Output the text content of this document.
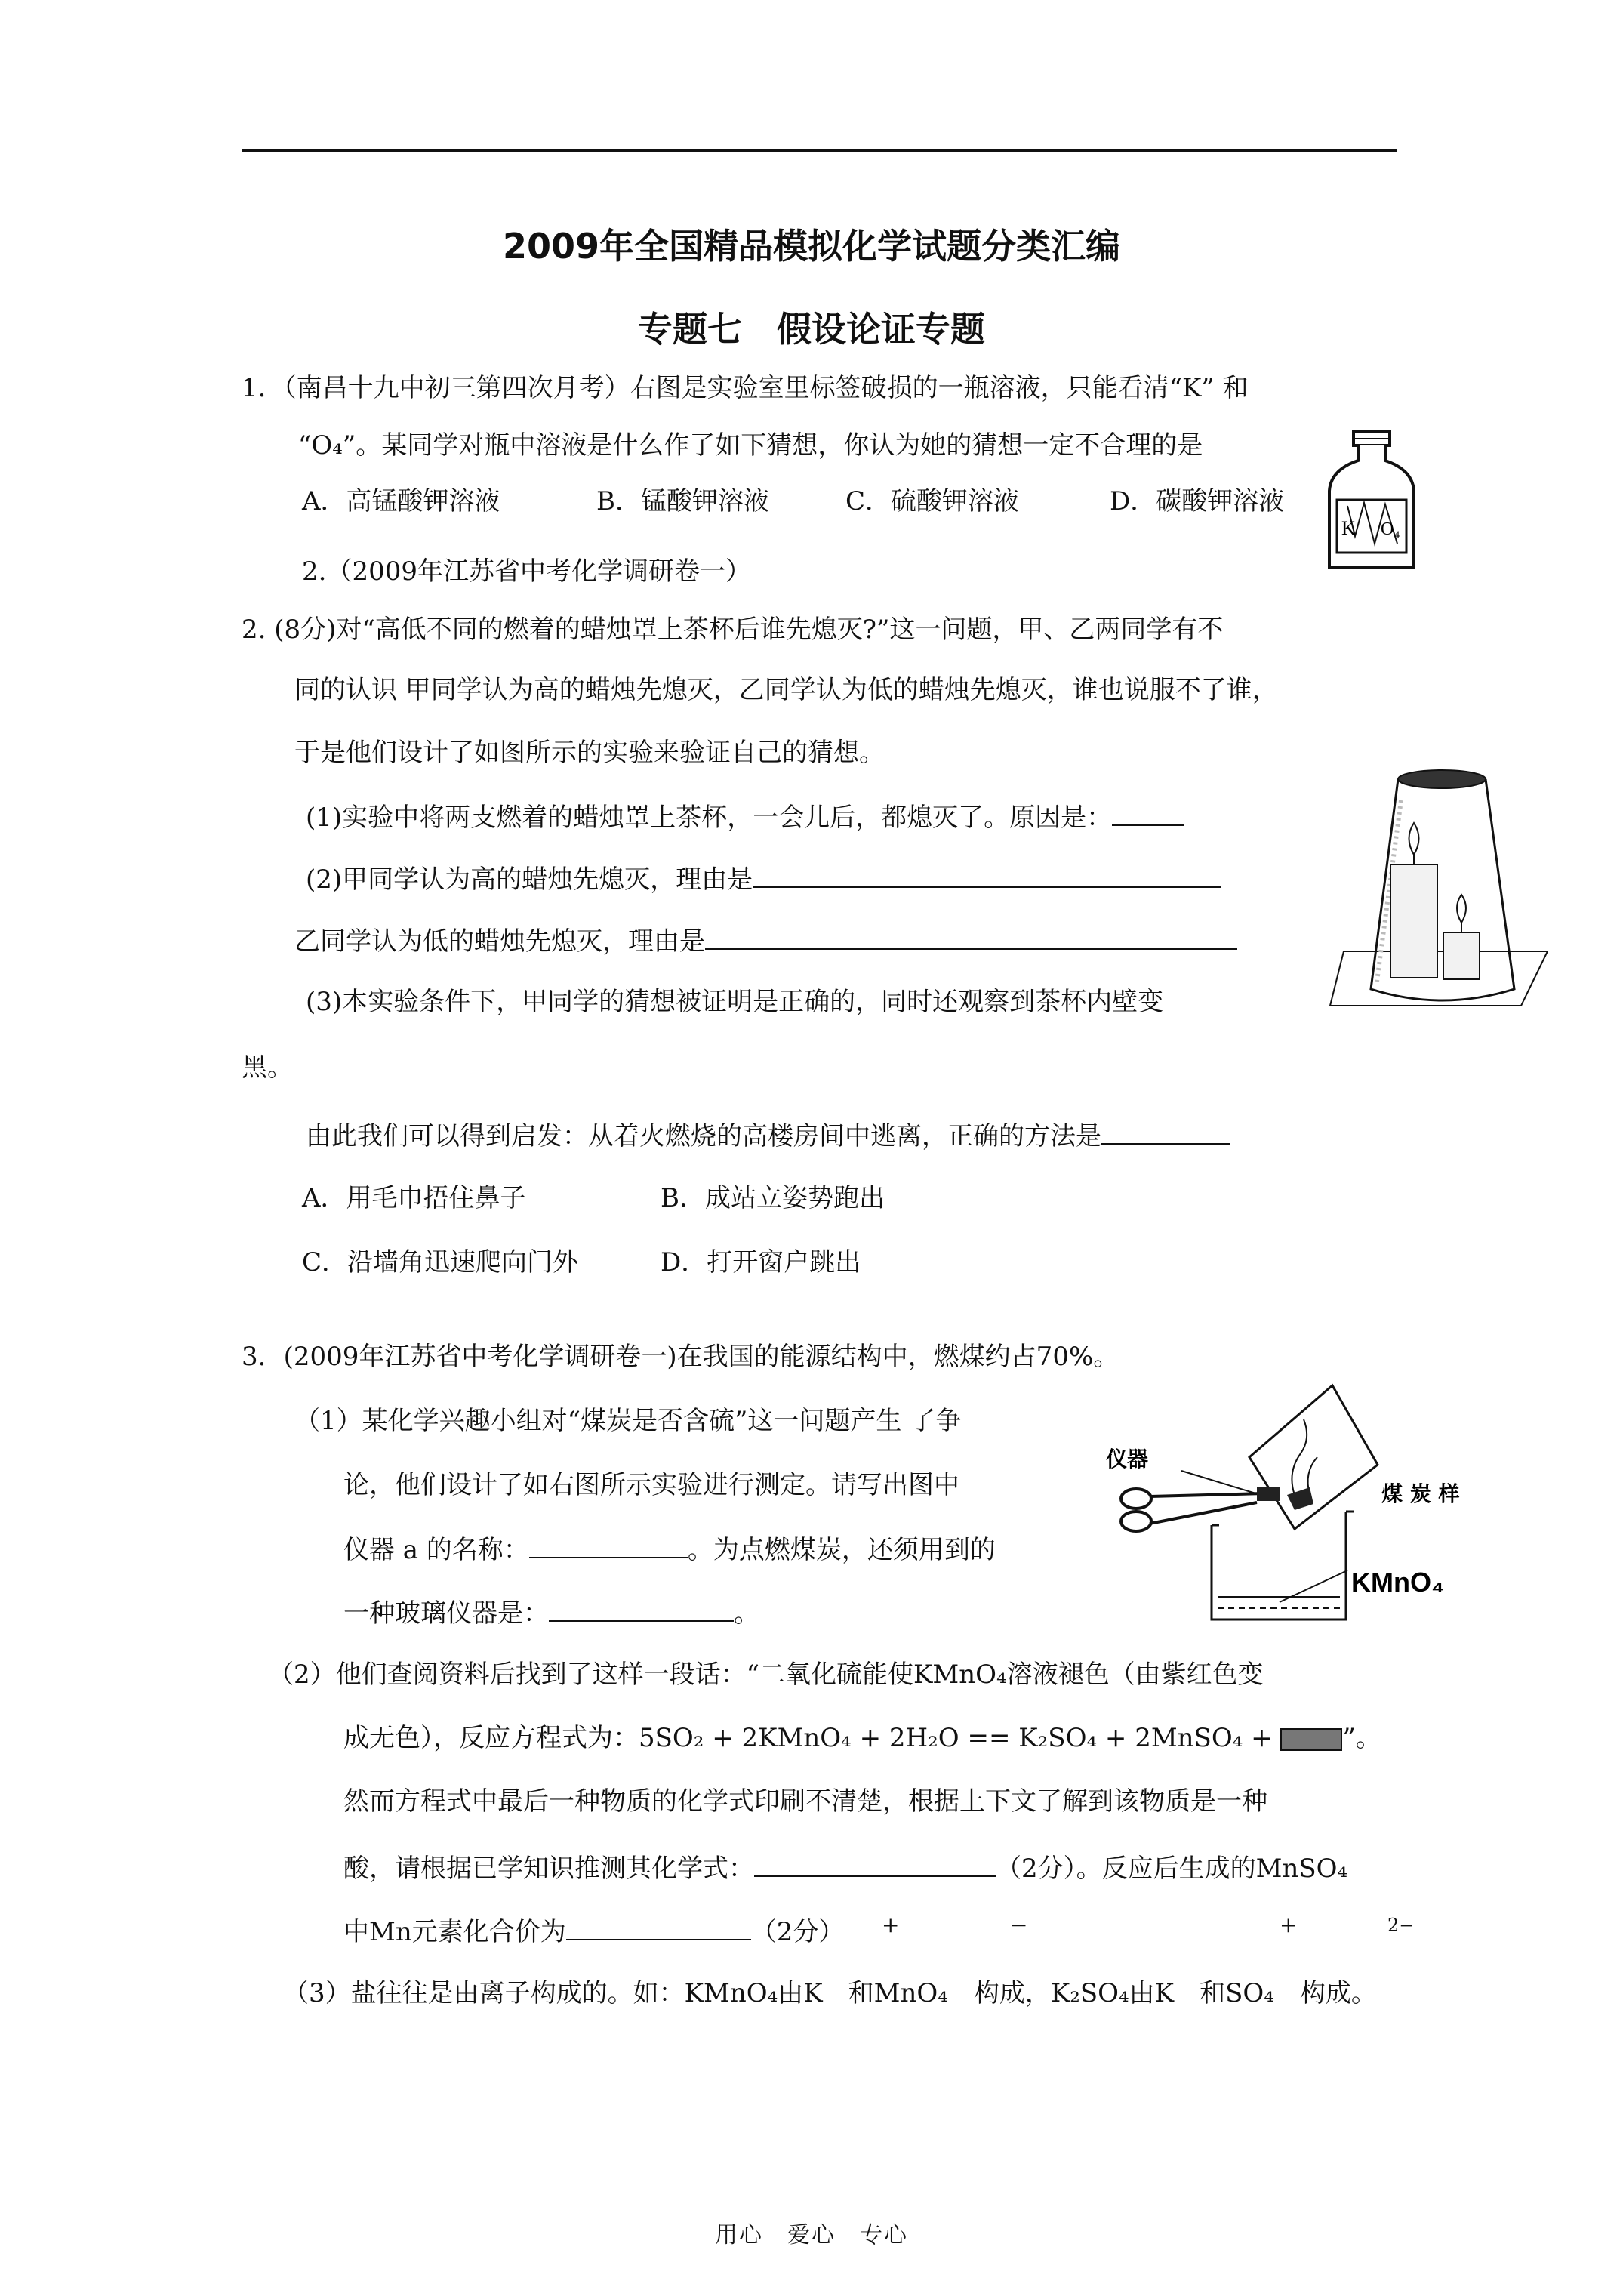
2009年全国精品模拟化学试题分类汇编
专题七　假设论证专题
1．（南昌十九中初三第四次月考）右图是实验室里标签破损的一瓶溶液，只能看清“K” 和
“O₄”。某同学对瓶中溶液是什么作了如下猜想，你认为她的猜想一定不合理的是
A．高锰酸钾溶液	B．锰酸钾溶液	C．硫酸钾溶液	D．碳酸钾溶液
2.（2009年江苏省中考化学调研卷一）
K O₄
2. (8分)对“高低不同的燃着的蜡烛罩上茶杯后谁先熄灭?”这一问题，甲、乙两同学有不
同的认识 甲同学认为高的蜡烛先熄灭，乙同学认为低的蜡烛先熄灭，谁也说服不了谁，
于是他们设计了如图所示的实验来验证自己的猜想。
(1)实验中将两支燃着的蜡烛罩上茶杯，一会儿后，都熄灭了。原因是：
(2)甲同学认为高的蜡烛先熄灭，理由是
乙同学认为低的蜡烛先熄灭，理由是
(3)本实验条件下，甲同学的猜想被证明是正确的，同时还观察到茶杯内壁变
黑。
由此我们可以得到启发：从着火燃烧的高楼房间中逃离，正确的方法是
A．用毛巾捂住鼻子	B．成站立姿势跑出
C．沿墙角迅速爬向门外	D．打开窗户跳出
3．(2009年江苏省中考化学调研卷一)在我国的能源结构中，燃煤约占70%。
（1）某化学兴趣小组对“煤炭是否含硫”这一问题产生 了争
论，他们设计了如右图所示实验进行测定。请写出图中
仪器 a 的名称：	。为点燃煤炭，还须用到的
一种玻璃仪器是：	。
仪器
煤 炭 样
KMnO₄
（2）他们查阅资料后找到了这样一段话：“二氧化硫能使KMnO₄溶液褪色（由紫红色变
成无色），反应方程式为：5SO₂ + 2KMnO₄ + 2H₂O == K₂SO₄ + 2MnSO₄ +	”。
然而方程式中最后一种物质的化学式印刷不清楚，根据上下文了解到该物质是一种
酸，请根据已学知识推测其化学式：	（2分）。反应后生成的MnSO₄
中Mn元素化合价为	（2分） +	−	+	2−
（3）盐往往是由离子构成的。如：KMnO₄由K　和MnO₄　构成，K₂SO₄由K　和SO₄　构成。
用心　爱心　专心
